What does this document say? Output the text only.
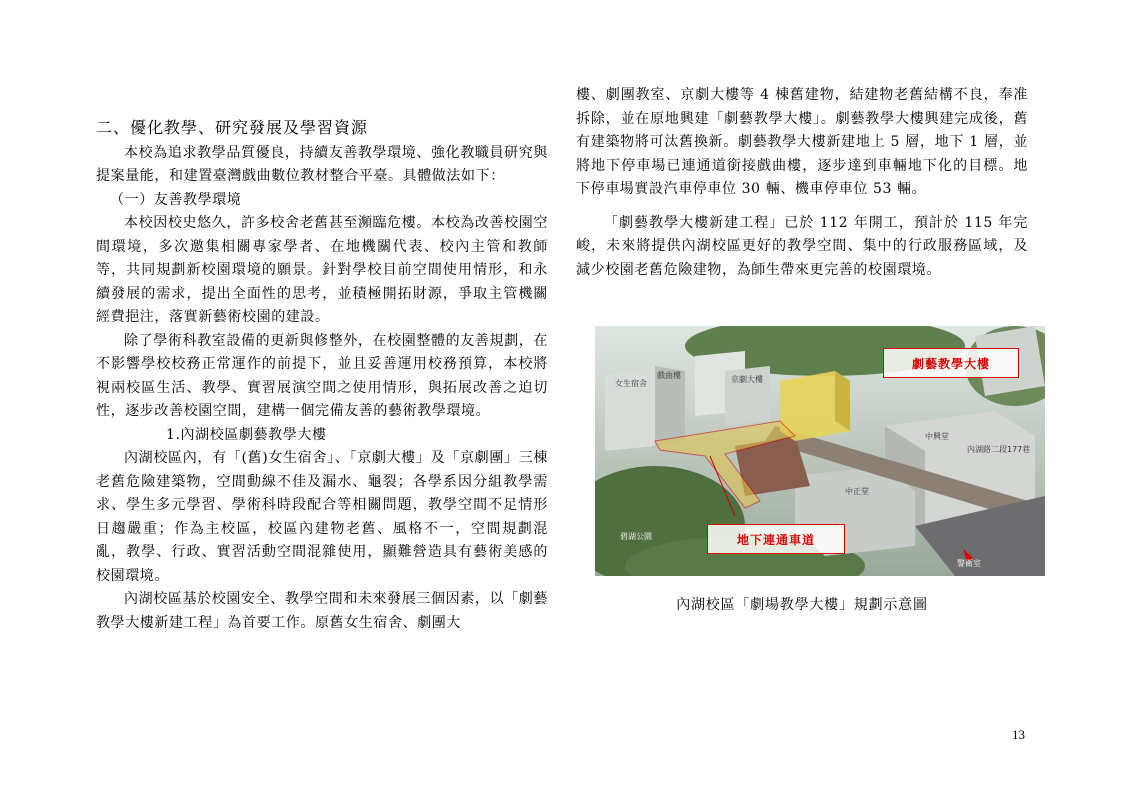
二、優化教學、研究發展及學習資源

本校為追求教學品質優良，持續友善教學環境、強化教職員研究與提案量能，和建置臺灣戲曲數位教材整合平臺。具體做法如下：

（一）友善教學環境

本校因校史悠久，許多校舍老舊甚至瀕臨危樓。本校為改善校園空間環境，多次邀集相關專家學者、在地機關代表、校內主管和教師等，共同規劃新校園環境的願景。針對學校目前空間使用情形，和永續發展的需求，提出全面性的思考，並積極開拓財源，爭取主管機關經費挹注，落實新藝術校園的建設。

除了學術科教室設備的更新與修整外，在校園整體的友善規劃，在不影響學校校務正常運作的前提下，並且妥善運用校務預算，本校將視兩校區生活、教學、實習展演空間之使用情形，與拓展改善之迫切性，逐步改善校園空間，建構一個完備友善的藝術教學環境。

1.內湖校區劇藝教學大樓

內湖校區內，有「(舊)女生宿舍」、「京劇大樓」及「京劇團」三棟老舊危險建築物，空間動線不佳及漏水、龜裂；各學系因分組教學需求、學生多元學習、學術科時段配合等相關問題，教學空間不足情形日趨嚴重；作為主校區，校區內建物老舊、風格不一，空間規劃混亂，教學、行政、實習活動空間混雜使用，顯難營造具有藝術美感的校園環境。

內湖校區基於校園安全、教學空間和未來發展三個因素，以「劇藝教學大樓新建工程」為首要工作。原舊女生宿舍、劇團大

樓、劇團教室、京劇大樓等 4 棟舊建物，結建物老舊結構不良，奉准拆除，並在原地興建「劇藝教學大樓」。劇藝教學大樓興建完成後，舊有建築物將可汰舊換新。劇藝教學大樓新建地上 5 層，地下 1 層，並將地下停車場已連通道銜接戲曲樓，逐步達到車輛地下化的目標。地下停車場實設汽車停車位 30 輛、機車停車位 53 輛。

「劇藝教學大樓新建工程」已於 112 年開工，預計於 115 年完峻，未來將提供內湖校區更好的教學空間、集中的行政服務區域，及減少校園老舊危險建物，為師生帶來更完善的校園環境。

女生宿舍
戲曲樓	京劇大樓
中興堂
內湖路二段177巷
中正堂
碧湖公園
警衛室
劇藝教學大樓
地下連通車道
內湖校區「劇場教學大樓」規劃示意圖
13
